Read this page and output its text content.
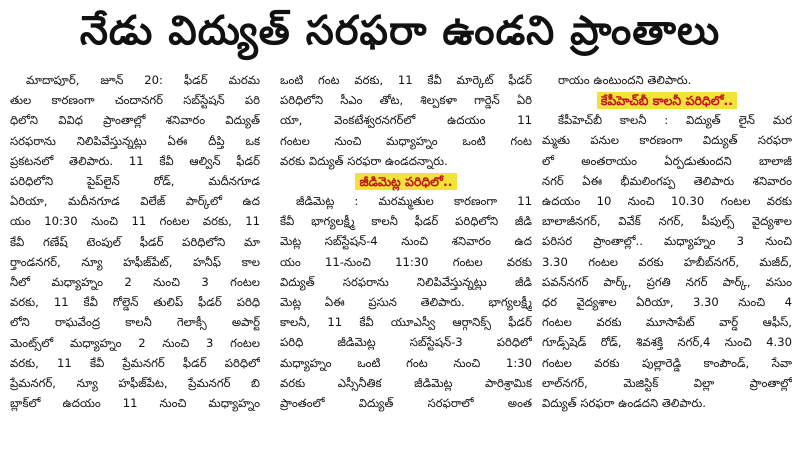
నేడు విద్యుత్ సరఫరా ఉండని ప్రాంతాలు
మాదాపూర్, జూన్ 20: ఫీడర్ మరమ
తుల కారణంగా చందానగర్ సబ్‌స్టేషన్ పరి
ధిలోని వివిధ ప్రాంతాల్లో శనివారం విద్యుత్
సరఫరాను నిలిపివేస్తున్నట్లు ఏఈ దీప్తి ఒక
ప్రకటనలో తెలిపారు. 11 కేవీ ఆల్విన్ ఫీడర్
పరిధిలోని పైప్‌లైన్ రోడ్, మదీనగూడ
ఏరియా, మదీనగూడ విలేజ్ పార్క్‌లో ఉద
యం 10:30 నుంచి 11 గంటల వరకు, 11
కేవీ గణేష్ టెంపుల్ ఫీడర్ పరిధిలోని మా
ర్తాండనగర్, న్యూ హఫీజ్‌పేట్, హనీఫ్ కాల
నీలో మధ్యాహ్నం 2 నుంచి 3 గంటల
వరకు, 11 కేవీ గోల్డెన్ తులిప్ ఫీడర్ పరిధి
లోని రాఘవేంద్ర కాలనీ గెలాక్సీ అపార్ట్
మెంట్స్‌లో మధ్యాహ్నం 2 నుంచి 3 గంటల
వరకు, 11 కేవీ ప్రేమనగర్ ఫీడర్ పరిధిలో
ప్రేమనగర్, న్యూ హఫీజ్‌పేట, ప్రేమనగర్ బి
బ్లాక్‌లో ఉదయం 11 నుంచి మధ్యాహ్నం
ఒంటి గంట వరకు, 11 కేవీ మార్కెట్ ఫీడర్
పరిధిలోని సీఎం తోట, శిల్పకళా గార్డెన్ ఏరి
యా, వెంకటేశ్వరనగర్‌లో ఉదయం 11
గంటల నుంచి మధ్యాహ్నం ఒంటి గంట
వరకు విద్యుత్ సరఫరా ఉండదన్నారు.
జీడిమెట్ల పరిధిలో..
జీడిమెట్ల : మరమ్మతుల కారణంగా 11
కేవీ భాగ్యలక్ష్మీ కాలనీ ఫీడర్ పరిధిలోని జీడి
మెట్ల సబ్‌స్టేషన్-4 నుంచి శనివారం ఉద
యం 11-నుంచి 11:30 గంటల వరకు
విద్యుత్ సరఫరాను నిలిపివేస్తున్నట్లు జీడి
మెట్ల ఏఈ ప్రసున తెలిపారు. భాగ్యలక్ష్మీ
కాలనీ, 11 కేవీ యూఎస్వీ ఆర్గానిక్స్ ఫీడర్
పరిధి జీడిమెట్ల సబ్‌స్టేషన్-3 పరిధిలో
మధ్యాహ్నం ఒంటి గంట నుంచి 1:30
వరకు ఎస్సీనీతిక జీడిమెట్ల పారిశ్రామిక
ప్రాంతంలో విద్యుత్ సరఫరాలో అంత
రాయం ఉంటుందని తెలిపారు.
కేపీహెచ్‌బీ కాలనీ పరిధిలో..
కేపీహెచ్‌బీ కాలనీ : విద్యుత్ లైన్ మర
మ్మతు పనుల కారణంగా విద్యుత్ సరఫరా
లో అంతరాయం ఏర్పడుతుందని బాలాజీ
నగర్ ఏఈ భీమలింగప్ప తెలిపారు శనివారం
ఉదయం 10 నుంచి 10.30 గంటల వరకు
బాలాజీనగర్, వివేక్ నగర్, పీపుల్స్ వైద్యశాల
పరిసర ప్రాంతాల్లో.. మధ్యాహ్నం 3 నుంచి
3.30 గంటల వరకు హబీబ్‌నగర్, మజీద్,
పవన్‌నగర్ పార్క్, ప్రగతి నగర్ పార్క్, వసుం
ధర వైద్యశాల ఏరియా, 3.30 నుంచి 4
గంటల వరకు మూసాపేట్ వార్డ్ ఆఫీస్,
గూడ్స్‌షెడ్ రోడ్, శివశక్తి నగర్,4 నుంచి 4.30
గంటల వరకు పుల్లారెడ్డి కాంపౌండ్, సేవా
లాల్‌నగర్, మెజిస్టిక్ విల్లా ప్రాంతాల్లో
విద్యుత్ సరఫరా ఉండదని తెలిపారు.
